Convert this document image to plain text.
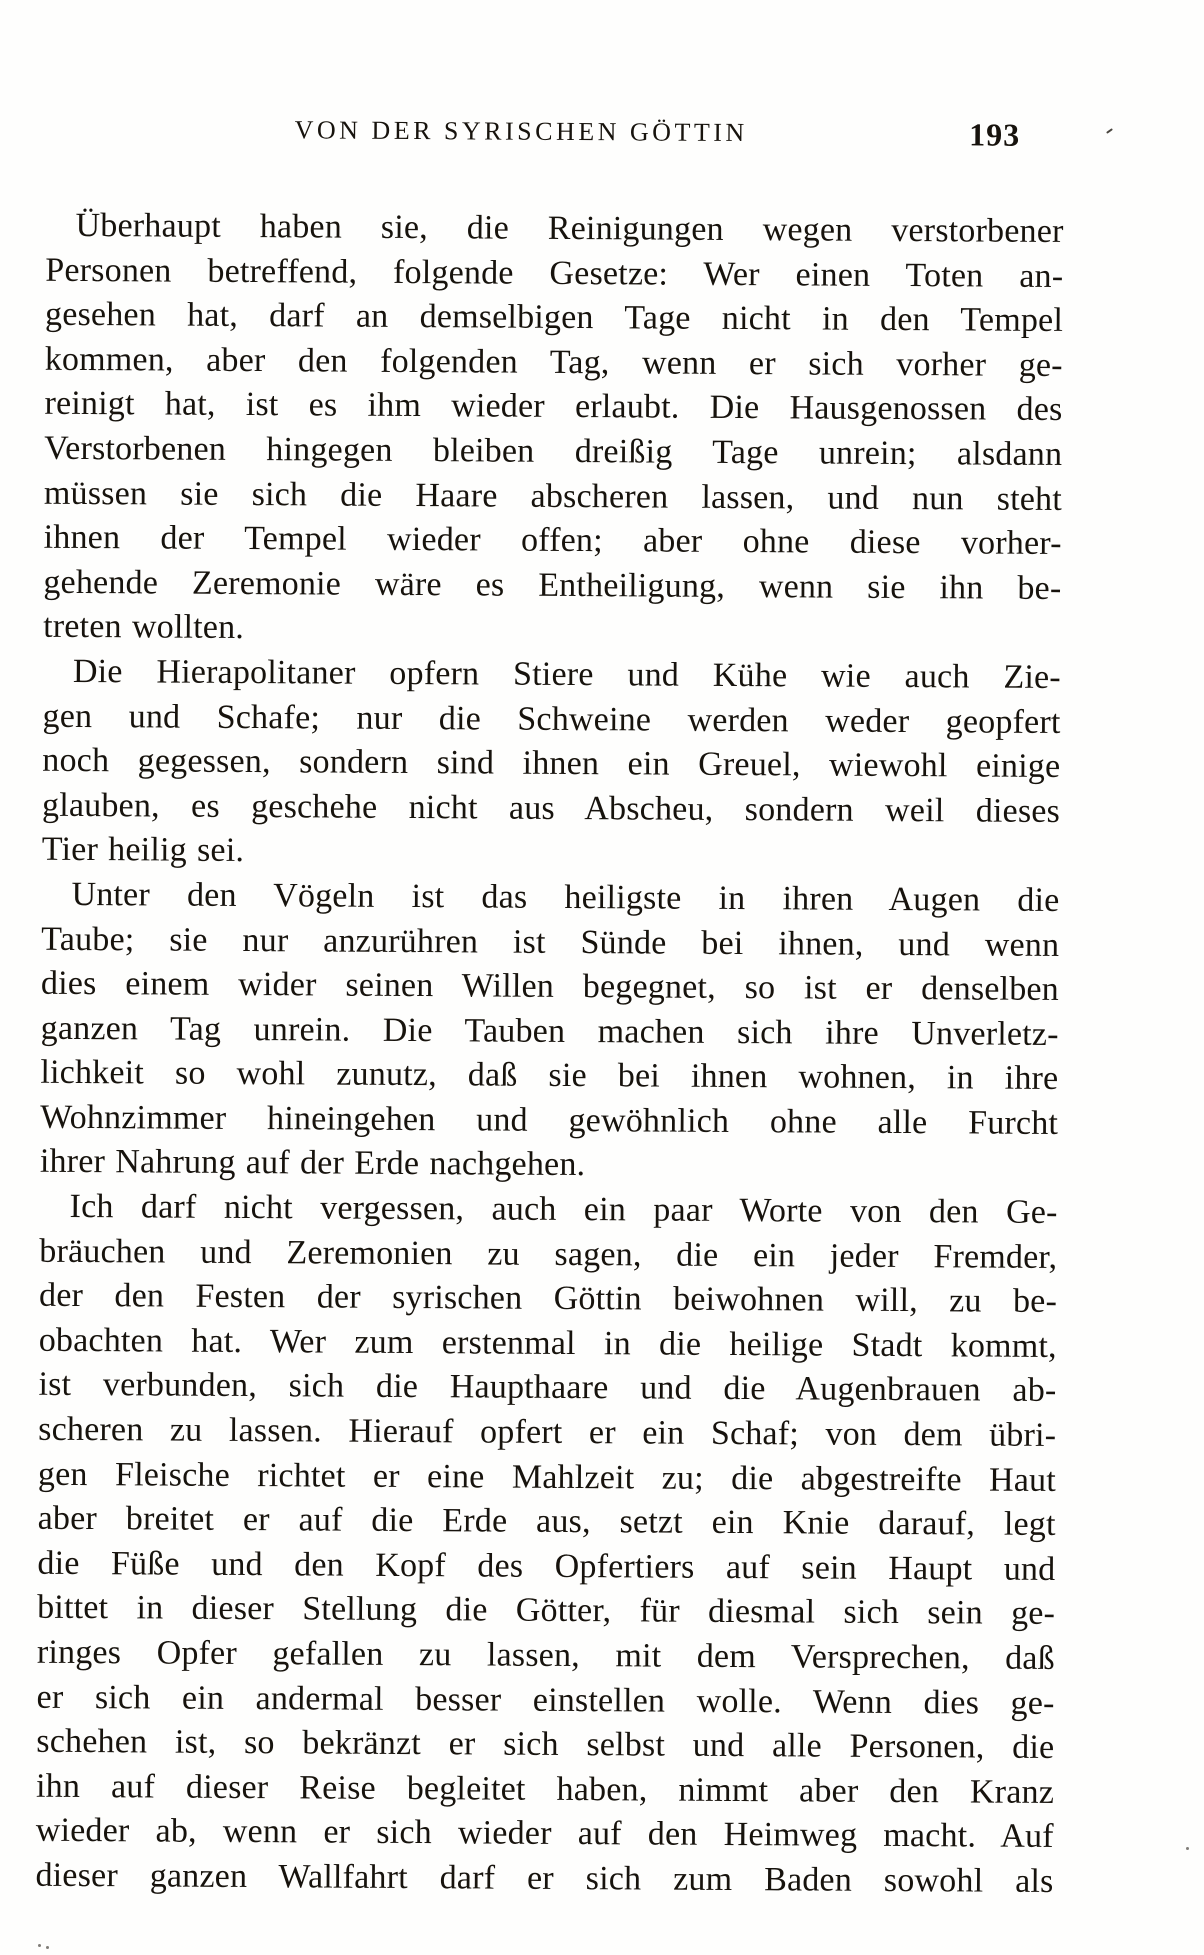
VON DER SYRISCHEN GÖTTIN	193
Überhaupt haben sie, die Reinigungen wegen verstorbener
Personen betreffend, folgende Gesetze: Wer einen Toten an-
gesehen hat, darf an demselbigen Tage nicht in den Tempel
kommen, aber den folgenden Tag, wenn er sich vorher ge-
reinigt hat, ist es ihm wieder erlaubt. Die Hausgenossen des
Verstorbenen hingegen bleiben dreißig Tage unrein; alsdann
müssen sie sich die Haare abscheren lassen, und nun steht
ihnen der Tempel wieder offen; aber ohne diese vorher-
gehende Zeremonie wäre es Entheiligung, wenn sie ihn be-
treten wollten.
Die Hierapolitaner opfern Stiere und Kühe wie auch Zie-
gen und Schafe; nur die Schweine werden weder geopfert
noch gegessen, sondern sind ihnen ein Greuel, wiewohl einige
glauben, es geschehe nicht aus Abscheu, sondern weil dieses
Tier heilig sei.
Unter den Vögeln ist das heiligste in ihren Augen die
Taube; sie nur anzurühren ist Sünde bei ihnen, und wenn
dies einem wider seinen Willen begegnet, so ist er denselben
ganzen Tag unrein. Die Tauben machen sich ihre Unverletz-
lichkeit so wohl zunutz, daß sie bei ihnen wohnen, in ihre
Wohnzimmer hineingehen und gewöhnlich ohne alle Furcht
ihrer Nahrung auf der Erde nachgehen.
Ich darf nicht vergessen, auch ein paar Worte von den Ge-
bräuchen und Zeremonien zu sagen, die ein jeder Fremder,
der den Festen der syrischen Göttin beiwohnen will, zu be-
obachten hat. Wer zum erstenmal in die heilige Stadt kommt,
ist verbunden, sich die Haupthaare und die Augenbrauen ab-
scheren zu lassen. Hierauf opfert er ein Schaf; von dem übri-
gen Fleische richtet er eine Mahlzeit zu; die abgestreifte Haut
aber breitet er auf die Erde aus, setzt ein Knie darauf, legt
die Füße und den Kopf des Opfertiers auf sein Haupt und
bittet in dieser Stellung die Götter, für diesmal sich sein ge-
ringes Opfer gefallen zu lassen, mit dem Versprechen, daß
er sich ein andermal besser einstellen wolle. Wenn dies ge-
schehen ist, so bekränzt er sich selbst und alle Personen, die
ihn auf dieser Reise begleitet haben, nimmt aber den Kranz
wieder ab, wenn er sich wieder auf den Heimweg macht. Auf
dieser ganzen Wallfahrt darf er sich zum Baden sowohl als
